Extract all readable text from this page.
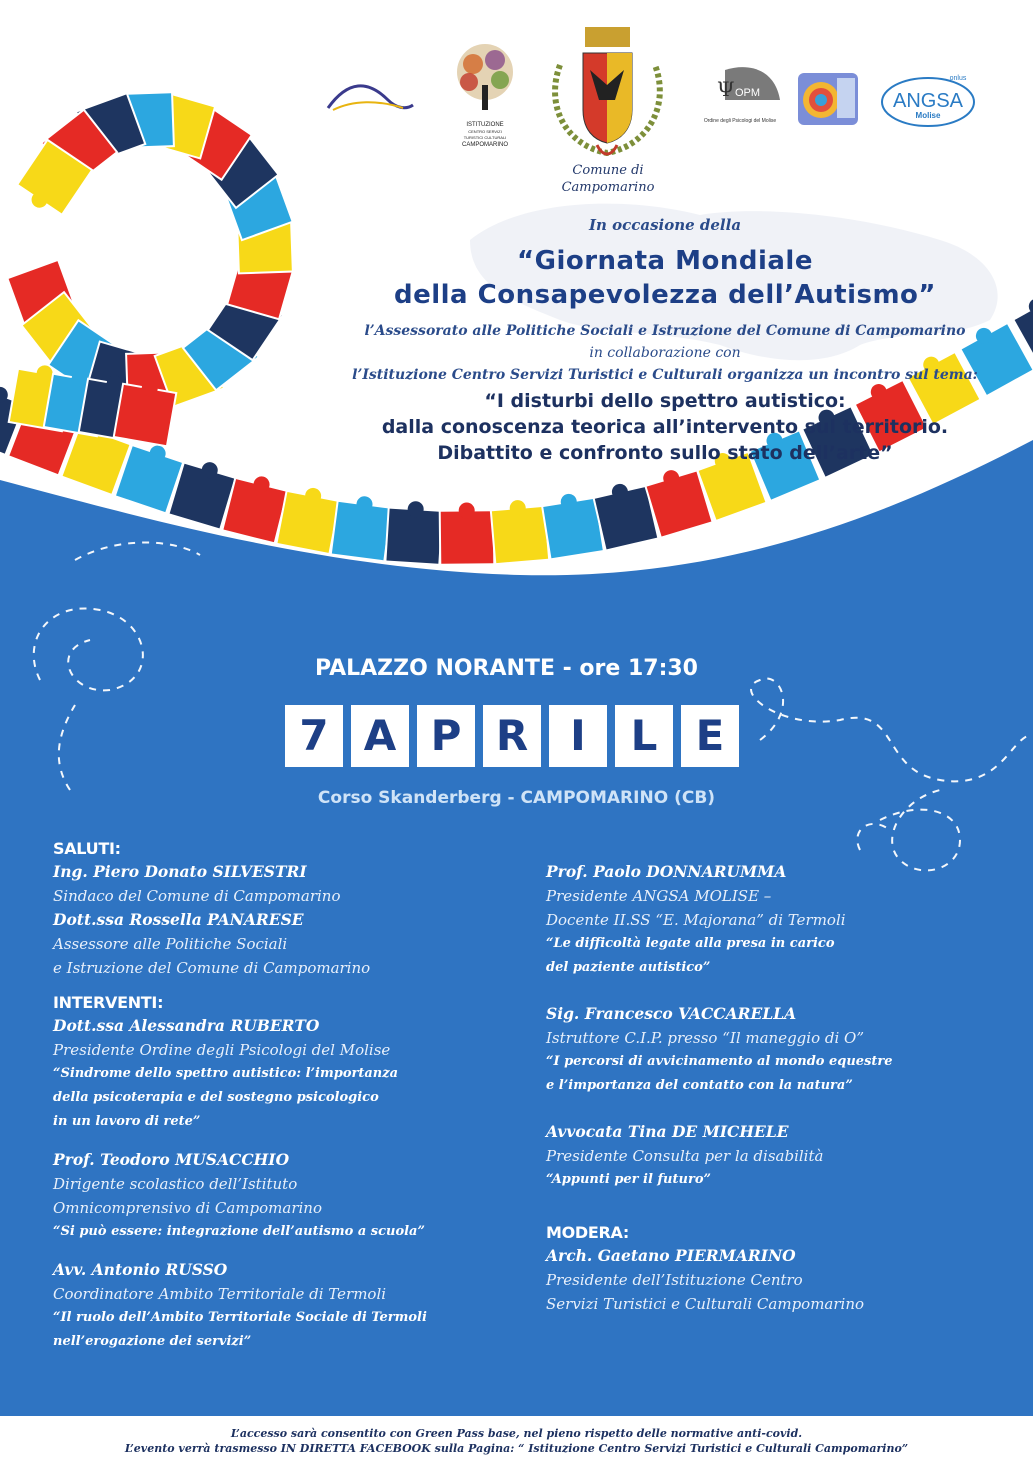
ISTITUZIONE
CENTRO SERVIZI
TURISTICI CULTURALI
CAMPOMARINO
Ψ OPM
Ordine degli Psicologi del Molise
onlus
ANGSA
Molise
Comune di
Campomarino
In occasione della
“Giornata Mondiale
della Consapevolezza dell’Autismo”
l’Assessorato alle Politiche Sociali e Istruzione del Comune di Campomarino
in collaborazione con
l’Istituzione Centro Servizi Turistici e Culturali organizza un incontro sul tema:
“I disturbi dello spettro autistico:
dalla conoscenza teorica all’intervento sul territorio.
Dibattito e confronto sullo stato dell’arte”
PALAZZO NORANTE - ore 17:30
7 A P R	I	L E
Corso Skanderberg - CAMPOMARINO (CB)
SALUTI:
Ing. Piero Donato SILVESTRI
Sindaco del Comune di Campomarino
Dott.ssa Rossella PANARESE
Assessore alle Politiche Sociali
e Istruzione del Comune di Campomarino
INTERVENTI:
Dott.ssa Alessandra RUBERTO
Presidente Ordine degli Psicologi del Molise
“Sindrome dello spettro autistico: l’importanza
della psicoterapia e del sostegno psicologico
in un lavoro di rete”
Prof. Teodoro MUSACCHIO
Dirigente scolastico dell’Istituto
Omnicomprensivo di Campomarino
“Si può essere: integrazione dell’autismo a scuola”
Avv. Antonio RUSSO
Coordinatore Ambito Territoriale di Termoli
“Il ruolo dell’Ambito Territoriale Sociale di Termoli
nell’erogazione dei servizi”
Prof. Paolo DONNARUMMA
Presidente ANGSA MOLISE –
Docente II.SS “E. Majorana” di Termoli
“Le difficoltà legate alla presa in carico
del paziente autistico”
Sig. Francesco VACCARELLA
Istruttore C.I.P. presso “Il maneggio di O”
“I percorsi di avvicinamento al mondo equestre
e l’importanza del contatto con la natura”
Avvocata Tina DE MICHELE
Presidente Consulta per la disabilità
“Appunti per il futuro”
MODERA:
Arch. Gaetano PIERMARINO
Presidente dell’Istituzione Centro
Servizi Turistici e Culturali Campomarino
L’accesso sarà consentito con Green Pass base, nel pieno rispetto delle normative anti-covid.
L’evento verrà trasmesso IN DIRETTA FACEBOOK sulla Pagina: “ Istituzione Centro Servizi Turistici e Culturali Campomarino”
